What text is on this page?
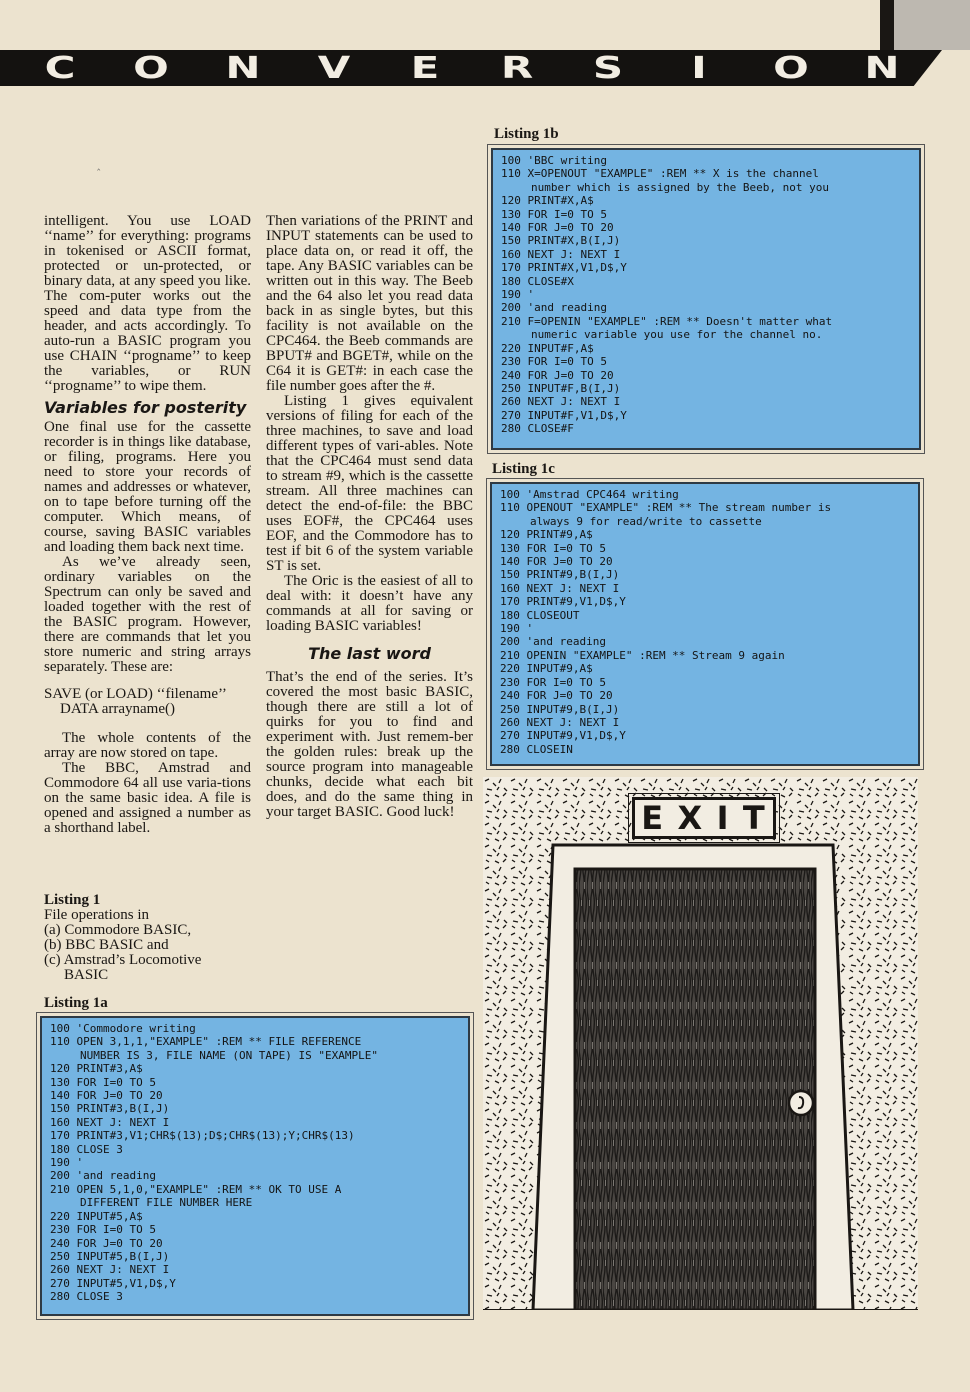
C	O	N	V	E	R	S	I	O	N
‸

intelligent. You use LOAD ‘‘name’’ for everything: programs in tokenised or ASCII format, protected or un-protected, or binary data, at any speed you like. The com-puter works out the speed and data type from the header, and acts accordingly. To auto-run a BASIC program you use CHAIN ‘‘progname’’ to keep the variables, or RUN ‘‘progname’’ to wipe them.

Variables for posterity

One final use for the cassette recorder is in things like database, or filing, programs. Here you need to store your records of names and addresses or whatever, on to tape before turning off the computer. Which means, of course, saving BASIC variables and loading them back next time.

As we’ve already seen, ordinary variables on the Spectrum can only be saved and loaded together with the rest of the BASIC program. However, there are commands that let you store numeric and string arrays separately. These are:

SAVE (or LOAD) ‘‘filename’’
DATA arrayname()

The whole contents of the array are now stored on tape.

The BBC, Amstrad and Commodore 64 all use varia-tions on the same basic idea. A file is opened and assigned a number as a shorthand label.

Then variations of the PRINT and INPUT statements can be used to place data on, or read it off, the tape. Any BASIC variables can be written out in this way. The Beeb and the 64 also let you read data back in as single bytes, but this facility is not available on the CPC464. the Beeb commands are BPUT# and BGET#, while on the C64 it is GET#: in each case the file number goes after the #.

Listing 1 gives equivalent versions of filing for each of the three machines, to save and load different types of vari-ables. Note that the CPC464 must send data to stream #9, which is the cassette stream. All three machines can detect the end-of-file: the BBC uses EOF#, the CPC464 uses EOF, and the Commodore has to test if bit 6 of the system variable ST is set.

The Oric is the easiest of all to deal with: it doesn’t have any commands at all for saving or loading BASIC variables!

The last word

That’s the end of the series. It’s covered the most basic BASIC, though there are still a lot of quirks for you to find and experiment with. Just remem-ber the golden rules: break up the source program into manageable chunks, decide what each bit does, and do the same thing in your target BASIC. Good luck!

Listing 1
File operations in
(a) Commodore BASIC,
(b) BBC BASIC and
(c) Amstrad’s Locomotive
BASIC
Listing 1a
100 'Commodore writing
110 OPEN 3,1,1,"EXAMPLE" :REM ** FILE REFERENCE
NUMBER IS 3, FILE NAME (ON TAPE) IS "EXAMPLE"
120 PRINT#3,A$
130 FOR I=0 TO 5
140 FOR J=0 TO 20
150 PRINT#3,B(I,J)
160 NEXT J: NEXT I
170 PRINT#3,V1;CHR$(13);D$;CHR$(13);Y;CHR$(13)
180 CLOSE 3
190 '
200 'and reading
210 OPEN 5,1,0,"EXAMPLE" :REM ** OK TO USE A
DIFFERENT FILE NUMBER HERE
220 INPUT#5,A$
230 FOR I=0 TO 5
240 FOR J=0 TO 20
250 INPUT#5,B(I,J)
260 NEXT J: NEXT I
270 INPUT#5,V1,D$,Y
280 CLOSE 3
Listing 1b
100 'BBC writing
110 X=OPENOUT "EXAMPLE" :REM ** X is the channel
number which is assigned by the Beeb, not you
120 PRINT#X,A$
130 FOR I=0 TO 5
140 FOR J=0 TO 20
150 PRINT#X,B(I,J)
160 NEXT J: NEXT I
170 PRINT#X,V1,D$,Y
180 CLOSE#X
190 '
200 'and reading
210 F=OPENIN "EXAMPLE" :REM ** Doesn't matter what
numeric variable you use for the channel no.
220 INPUT#F,A$
230 FOR I=0 TO 5
240 FOR J=0 TO 20
250 INPUT#F,B(I,J)
260 NEXT J: NEXT I
270 INPUT#F,V1,D$,Y
280 CLOSE#F
Listing 1c
100 'Amstrad CPC464 writing
110 OPENOUT "EXAMPLE" :REM ** The stream number is
always 9 for read/write to cassette
120 PRINT#9,A$
130 FOR I=0 TO 5
140 FOR J=0 TO 20
150 PRINT#9,B(I,J)
160 NEXT J: NEXT I
170 PRINT#9,V1,D$,Y
180 CLOSEOUT
190 '
200 'and reading
210 OPENIN "EXAMPLE" :REM ** Stream 9 again
220 INPUT#9,A$
230 FOR I=0 TO 5
240 FOR J=0 TO 20
250 INPUT#9,B(I,J)
260 NEXT J: NEXT I
270 INPUT#9,V1,D$,Y
280 CLOSEIN
E X I T
